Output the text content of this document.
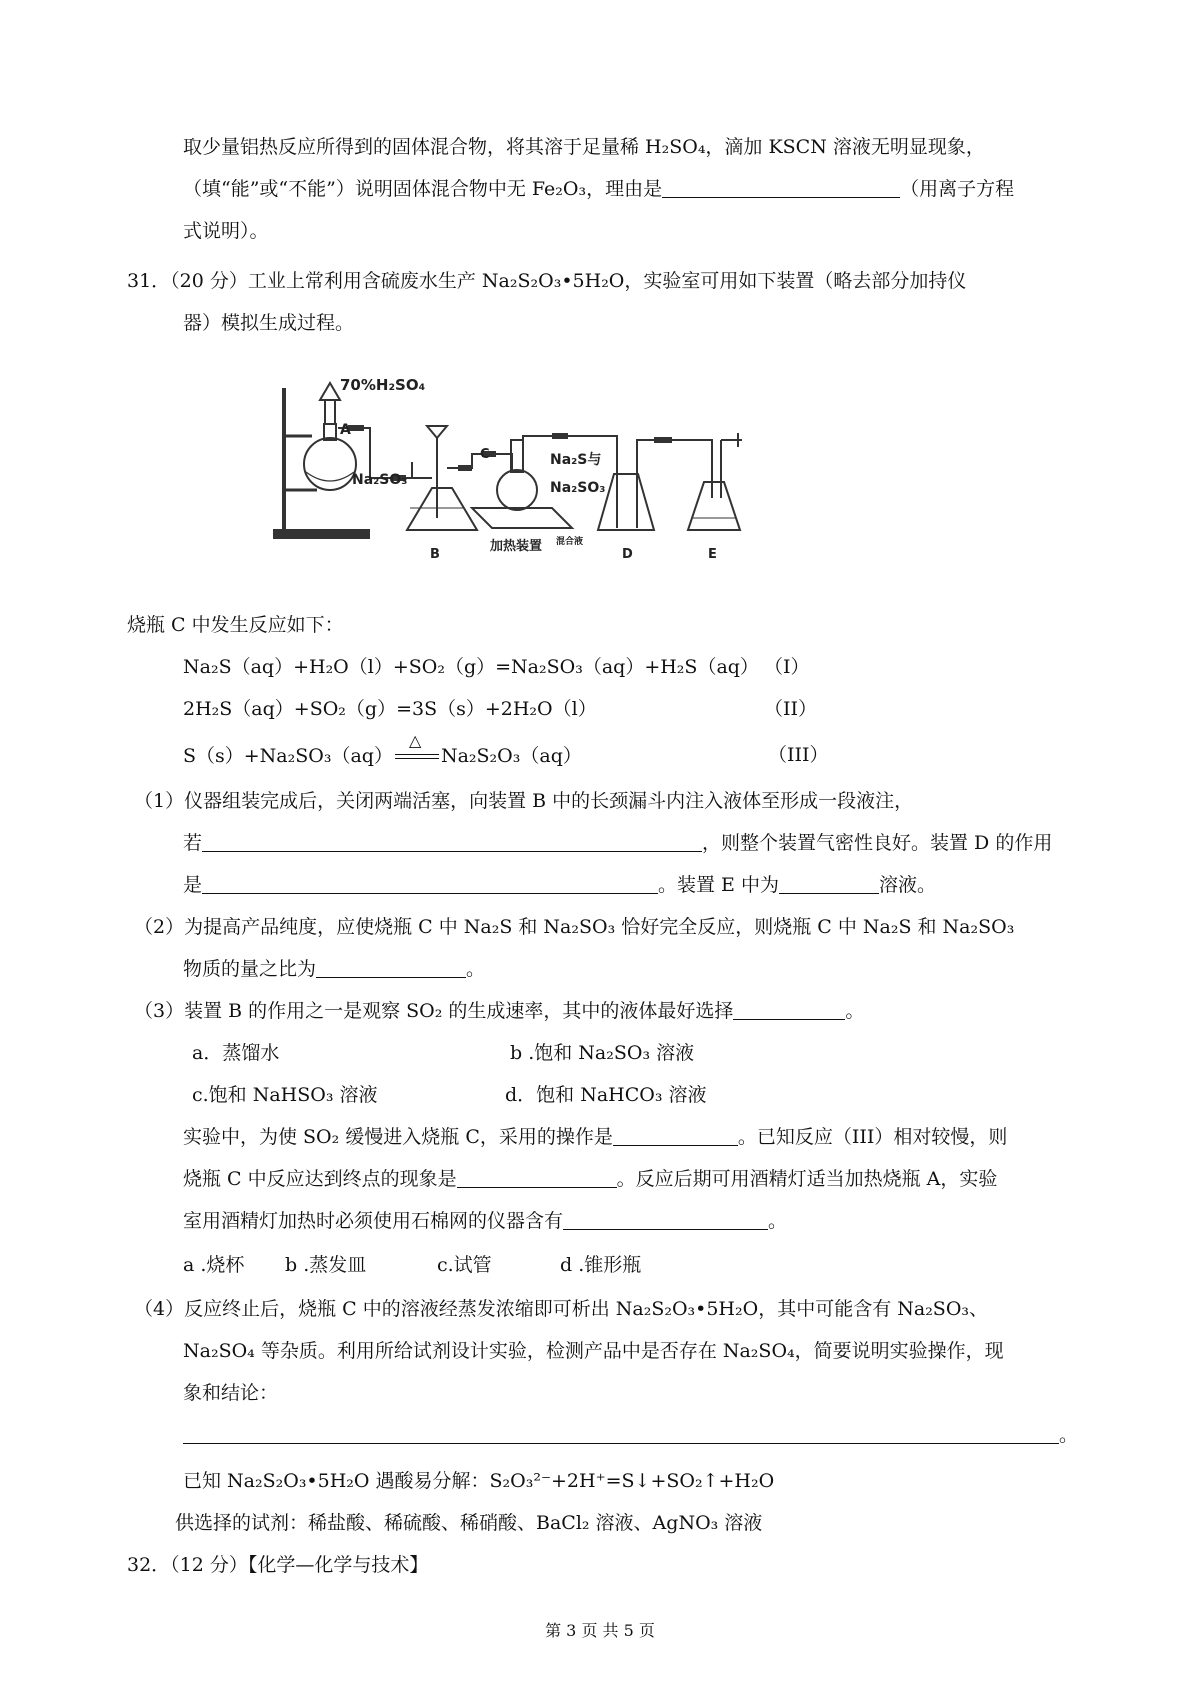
取少量铝热反应所得到的固体混合物，将其溶于足量稀 H₂SO₄，滴加 KSCN 溶液无明显现象，
（填“能”或“不能”）说明固体混合物中无 Fe₂O₃，理由是	（用离子方程
式说明）。
31．（20 分）工业上常利用含硫废水生产 Na₂S₂O₃•5H₂O，实验室可用如下装置（略去部分加持仪
器）模拟生成过程。
70%H₂SO₄
A
Na₂SO₃
B
C	Na₂S与
Na₂SO₃
加热装置 混合液
D	E
烧瓶 C 中发生反应如下：
Na₂S（aq）+H₂O（l）+SO₂（g）=Na₂SO₃（aq）+H₂S（aq） （I）
2H₂S（aq）+SO₂（g）=3S（s）+2H₂O（l）	（II）
S（s）+Na₂SO₃（aq）
△
Na₂S₂O₃（aq）	（III）
（1）仪器组装完成后，关闭两端活塞，向装置 B 中的长颈漏斗内注入液体至形成一段液注，
若	，则整个装置气密性良好。装置 D 的作用
是	。装置 E 中为	溶液。
（2）为提高产品纯度，应使烧瓶 C 中 Na₂S 和 Na₂SO₃ 恰好完全反应，则烧瓶 C 中 Na₂S 和 Na₂SO₃
物质的量之比为	。
（3）装置 B 的作用之一是观察 SO₂ 的生成速率，其中的液体最好选择	。
a．蒸馏水	b .饱和 Na₂SO₃ 溶液
c.饱和 NaHSO₃ 溶液	d．饱和 NaHCO₃ 溶液
实验中，为使 SO₂ 缓慢进入烧瓶 C，采用的操作是	。已知反应（III）相对较慢，则
烧瓶 C 中反应达到终点的现象是	。反应后期可用酒精灯适当加热烧瓶 A，实验
室用酒精灯加热时必须使用石棉网的仪器含有	。
a .烧杯 b .蒸发皿	c.试管	d .锥形瓶
（4）反应终止后，烧瓶 C 中的溶液经蒸发浓缩即可析出 Na₂S₂O₃•5H₂O，其中可能含有 Na₂SO₃、
Na₂SO₄ 等杂质。利用所给试剂设计实验，检测产品中是否存在 Na₂SO₄，简要说明实验操作，现
象和结论：
。
已知 Na₂S₂O₃•5H₂O 遇酸易分解：S₂O₃²⁻+2H⁺=S↓+SO₂↑+H₂O
供选择的试剂：稀盐酸、稀硫酸、稀硝酸、BaCl₂ 溶液、AgNO₃ 溶液
32．（12 分）【化学—化学与技术】
第 3 页 共 5 页
